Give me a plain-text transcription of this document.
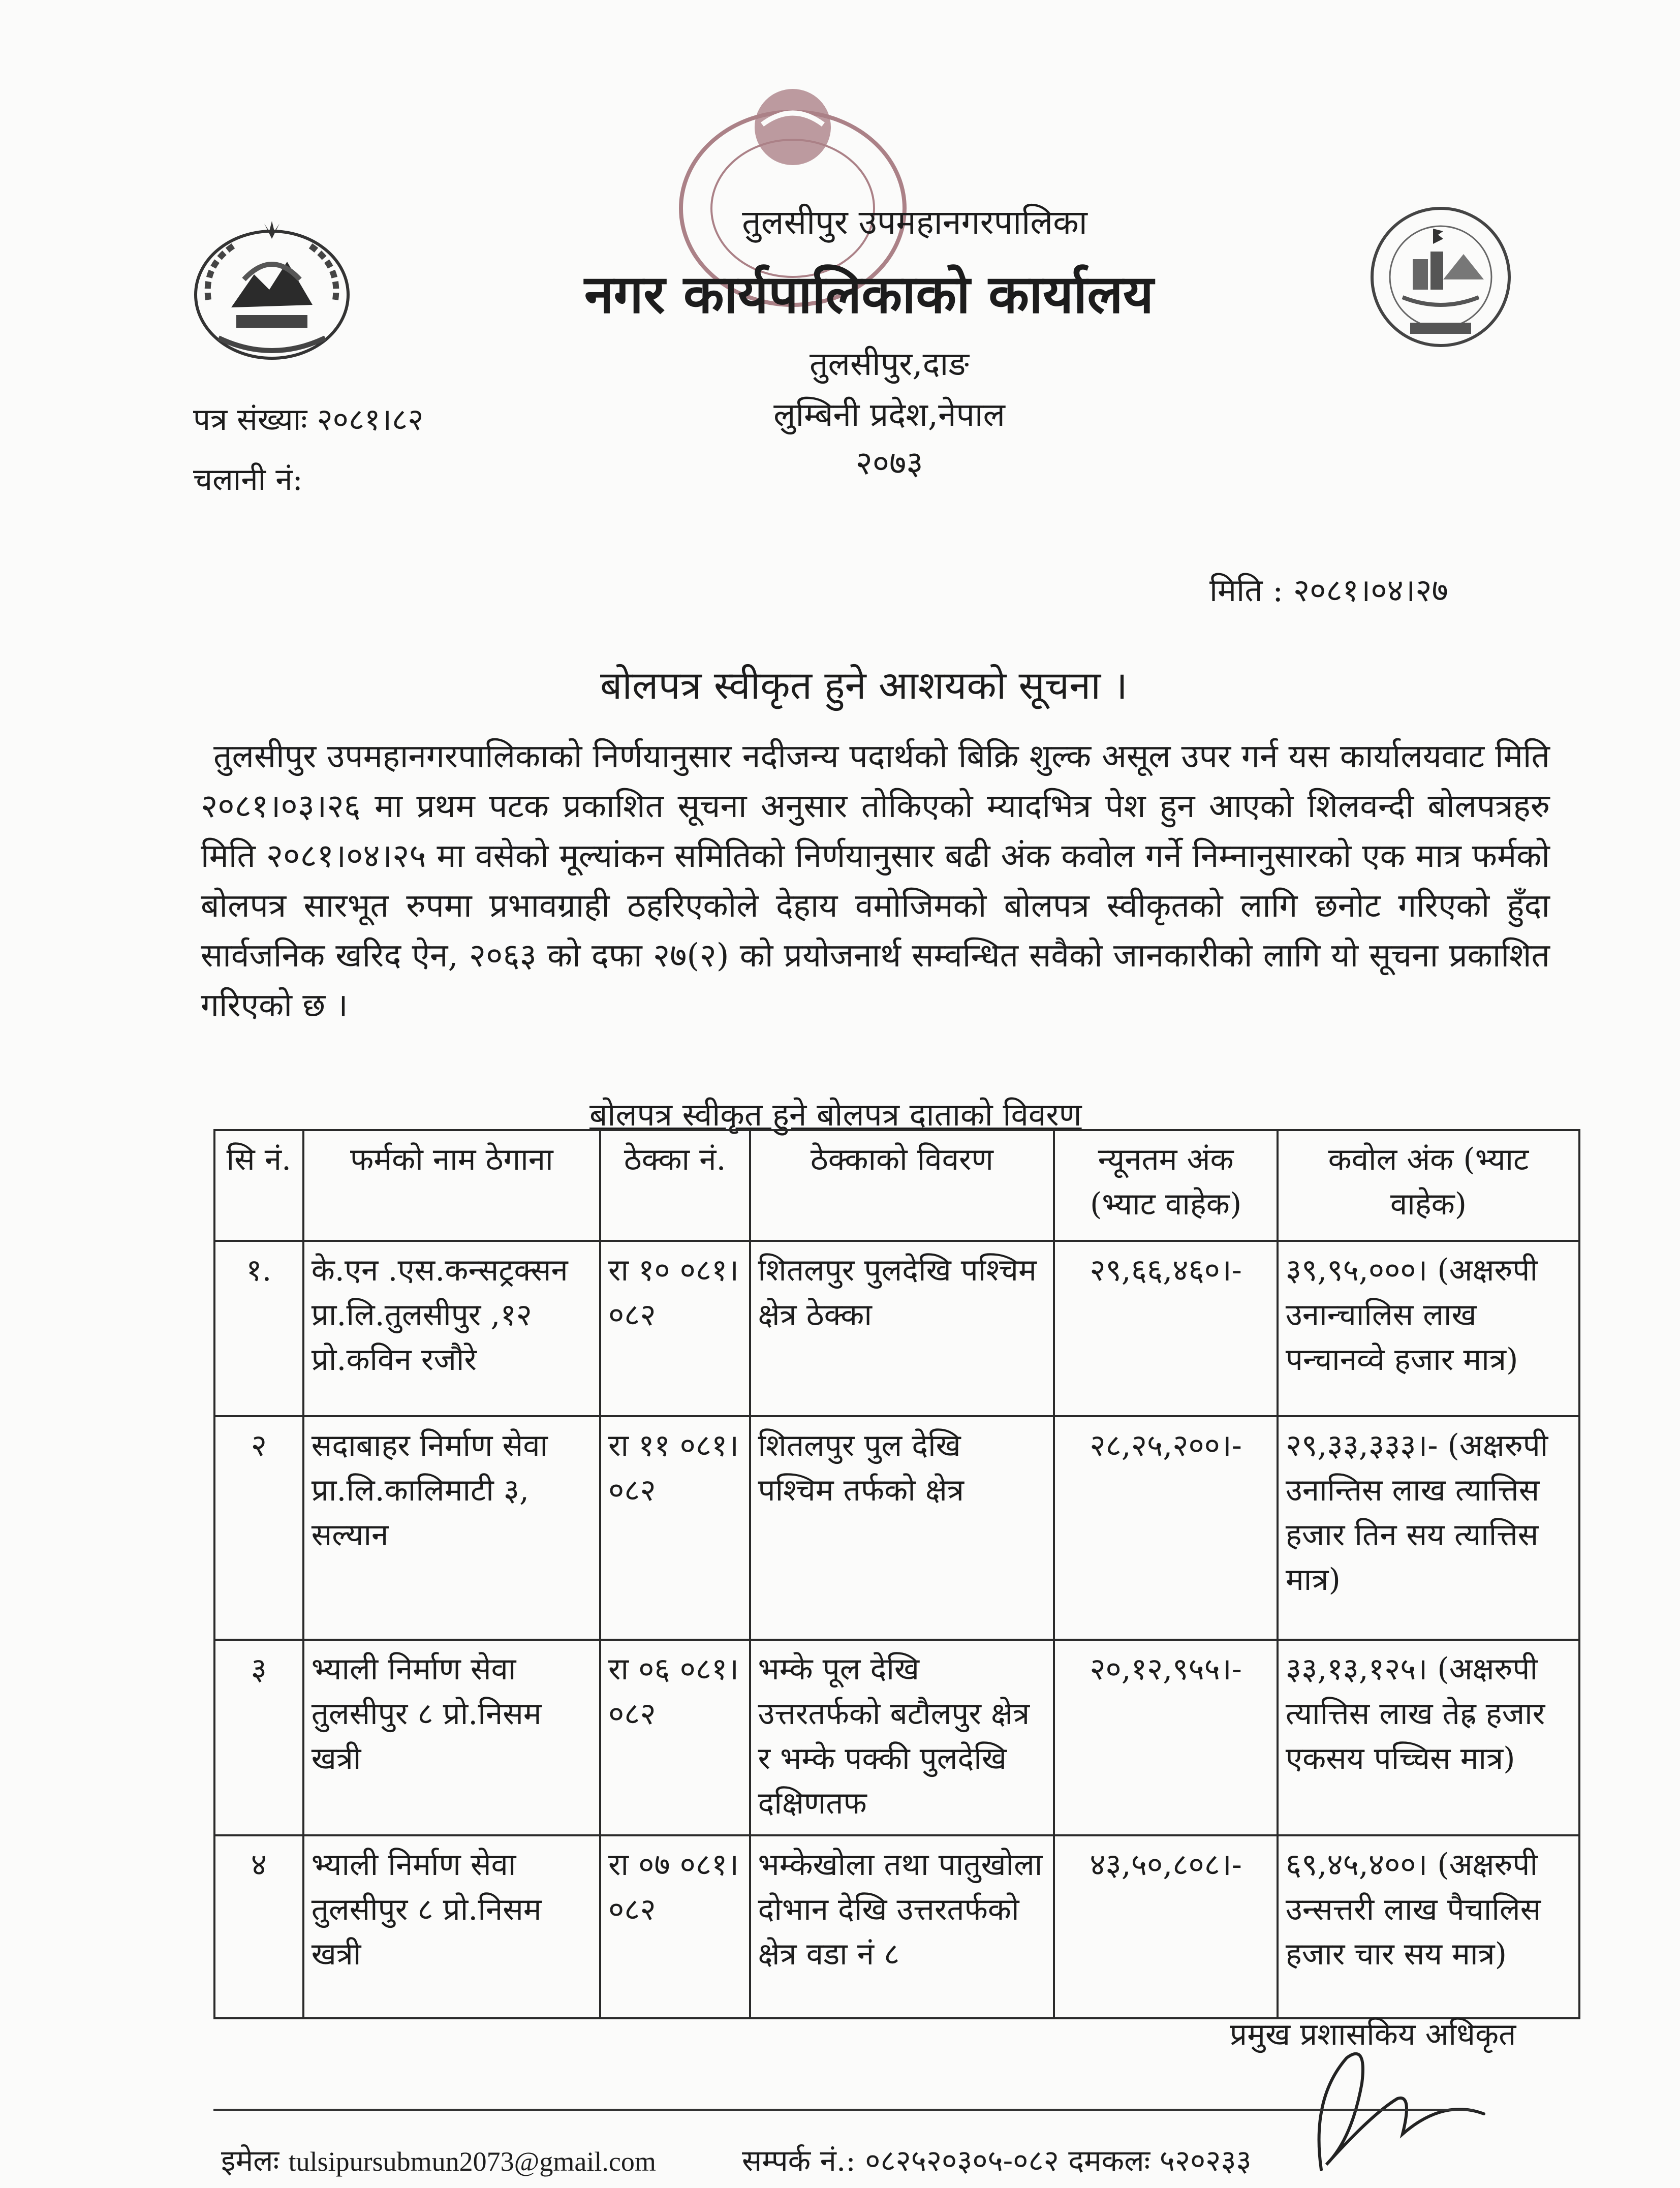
तुलसीपुर उपमहानगरपालिका
नगर कार्यपालिकाको कार्यालय
तुलसीपुर,दाङ
लुम्बिनी प्रदेश,नेपाल
२०७३
पत्र संख्याः २०८१।८२
चलानी नं:
मिति : २०८१।०४।२७
बोलपत्र स्वीकृत हुने आशयको सूचना ।
तुलसीपुर उपमहानगरपालिकाको निर्णयानुसार नदीजन्य पदार्थको बिक्रि शुल्क असूल उपर गर्न यस कार्यालयवाट मिति २०८१।०३।२६ मा प्रथम पटक प्रकाशित सूचना अनुसार तोकिएको म्यादभित्र पेश हुन आएको शिलवन्दी बोलपत्रहरु मिति २०८१।०४।२५ मा वसेको मूल्यांकन समितिको निर्णयानुसार बढी अंक कवोल गर्ने निम्नानुसारको एक मात्र फर्मको बोलपत्र सारभूत रुपमा प्रभावग्राही ठहरिएकोले देहाय वमोजिमको बोलपत्र स्वीकृतको लागि छनोट गरिएको हुँदा सार्वजनिक खरिद ऐन, २०६३ को दफा २७(२) को प्रयोजनार्थ सम्वन्धित सवैको जानकारीको लागि यो सूचना प्रकाशित गरिएको छ ।
बोलपत्र स्वीकृत हुने बोलपत्र दाताको विवरण
सि नं.	फर्मको नाम ठेगाना	ठेक्का नं.	ठेक्काको विवरण	न्यूनतम अंक (भ्याट वाहेक)	कवोल अंक (भ्याट वाहेक)
१.	के.एन .एस.कन्सट्रक्सन प्रा.लि.तुलसीपुर ,१२ प्रो.कविन रजौरे	रा १० ०८१।०८२	शितलपुर पुलदेखि पश्चिम क्षेत्र ठेक्का	२९,६६,४६०।-	३९,९५,०००। (अक्षरुपी उनान्चालिस लाख पन्चानव्वे हजार मात्र)
२	सदाबाहर निर्माण सेवा प्रा.लि.कालिमाटी ३, सल्यान	रा ११ ०८१।०८२	शितलपुर पुल देखि पश्चिम तर्फको क्षेत्र	२८,२५,२००।-	२९,३३,३३३।- (अक्षरुपी उनान्तिस लाख त्यात्तिस हजार तिन सय त्यात्तिस मात्र)
३	भ्याली निर्माण सेवा तुलसीपुर ८ प्रो.निसम खत्री	रा ०६ ०८१।०८२	भम्के पूल देखि उत्तरतर्फको बटौलपुर क्षेत्र र भम्के पक्की पुलदेखि दक्षिणतफ	२०,१२,९५५।-	३३,१३,१२५। (अक्षरुपी त्यात्तिस लाख तेह्र हजार एकसय पच्चिस मात्र)
४	भ्याली निर्माण सेवा तुलसीपुर ८ प्रो.निसम खत्री	रा ०७ ०८१।०८२	भम्केखोला तथा पातुखोला दोभान देखि उत्तरतर्फको क्षेत्र वडा नं ८	४३,५०,८०८।-	६९,४५,४००। (अक्षरुपी उन्सत्तरी लाख पैचालिस हजार चार सय मात्र)
प्रमुख प्रशासकिय अधिकृत
इमेलः tulsipursubmun2073@gmail.com	सम्पर्क नं.: ०८२५२०३०५-०८२ दमकलः ५२०२३३
